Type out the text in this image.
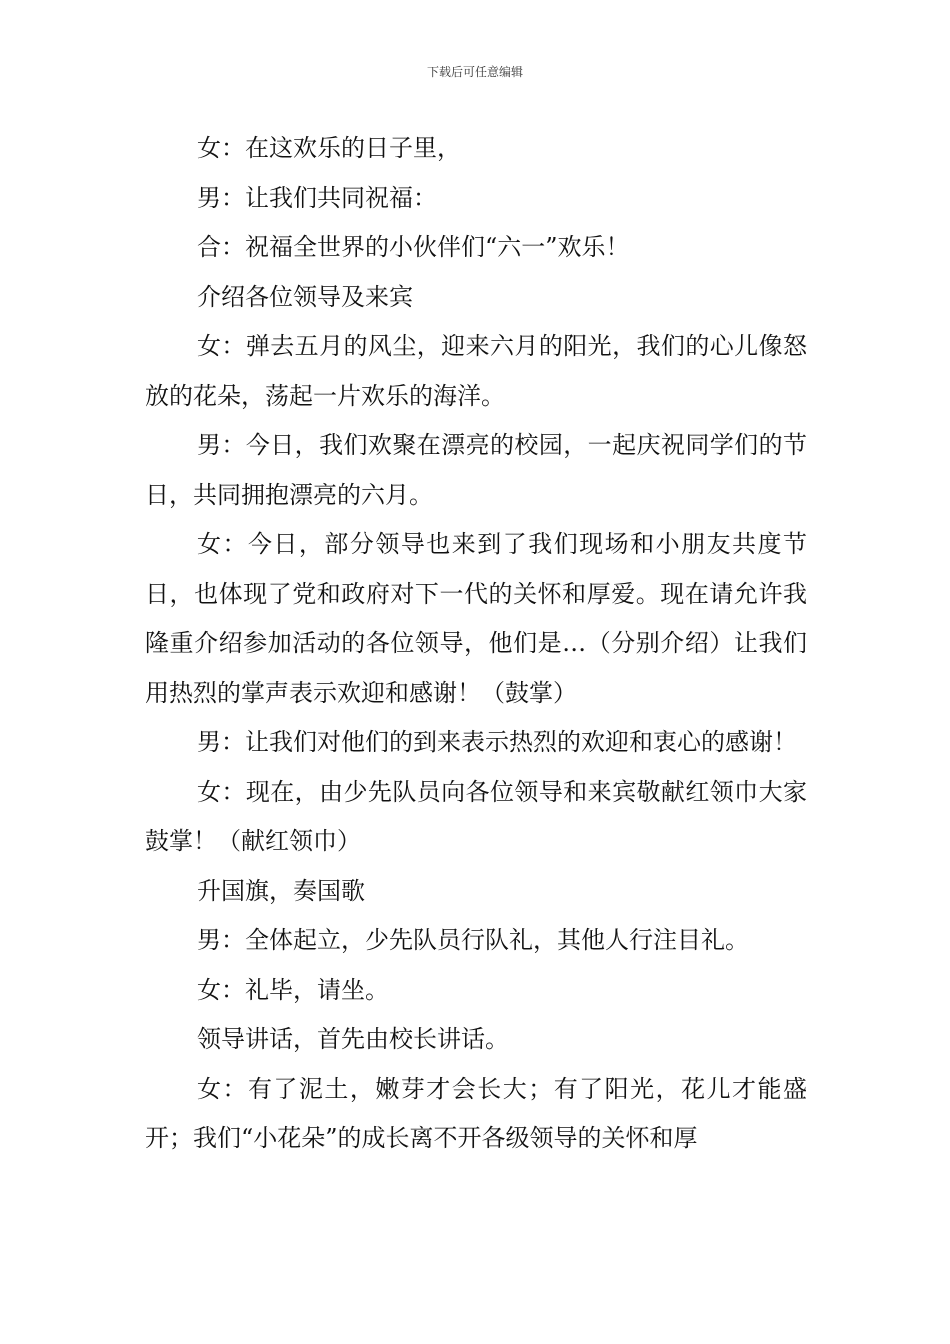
下载后可任意编辑

女：在这欢乐的日子里，

男：让我们共同祝福：

合：祝福全世界的小伙伴们“六一”欢乐！

介绍各位领导及来宾

女：弹去五月的风尘，迎来六月的阳光，我们的心儿像怒放的花朵，荡起一片欢乐的海洋。

男：今日，我们欢聚在漂亮的校园，一起庆祝同学们的节日，共同拥抱漂亮的六月。

女：今日，部分领导也来到了我们现场和小朋友共度节日，也体现了党和政府对下一代的关怀和厚爱。现在请允许我隆重介绍参加活动的各位领导，他们是…（分别介绍）让我们用热烈的掌声表示欢迎和感谢！（鼓掌）

男：让我们对他们的到来表示热烈的欢迎和衷心的感谢！

女：现在，由少先队员向各位领导和来宾敬献红领巾大家鼓掌！（献红领巾）

升国旗，奏国歌

男：全体起立，少先队员行队礼，其他人行注目礼。

女：礼毕，请坐。

领导讲话，首先由校长讲话。

女：有了泥土，嫩芽才会长大；有了阳光，花儿才能盛开；我们“小花朵”的成长离不开各级领导的关怀和厚
